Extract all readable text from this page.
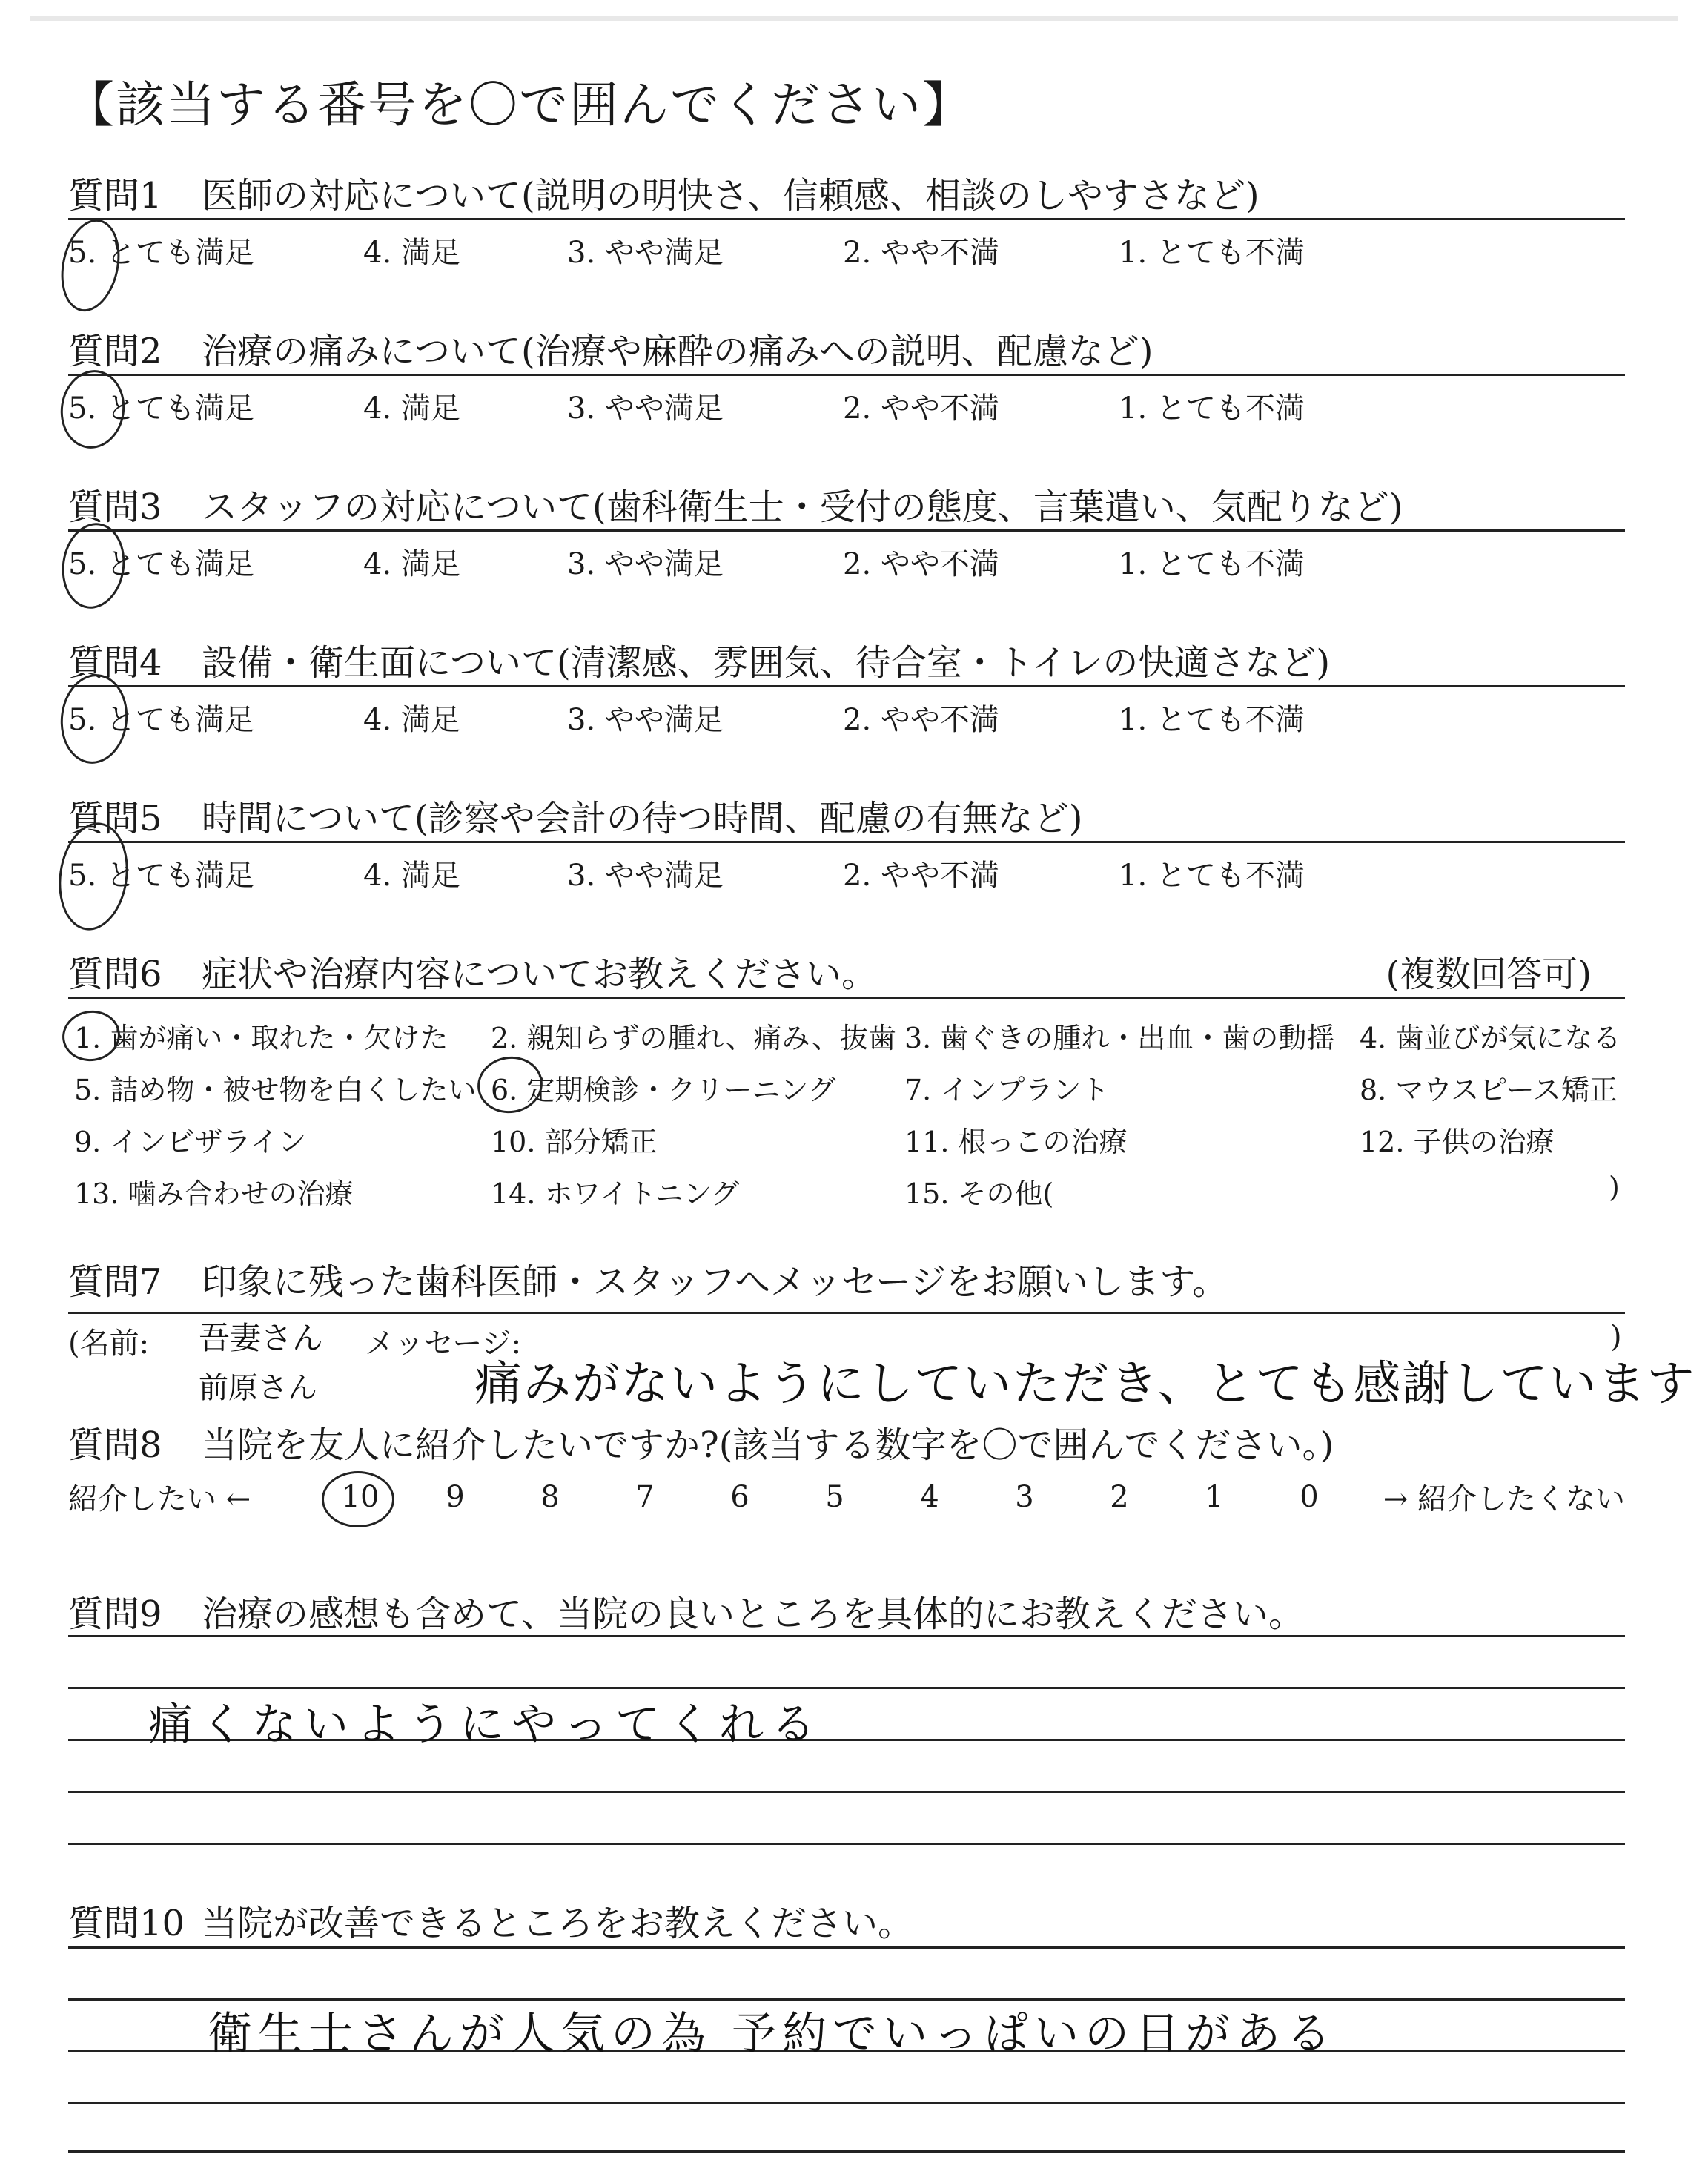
【該当する番号を〇で囲んでください】
質問1 医師の対応について(説明の明快さ、信頼感、相談のしやすさなど)
5. とても満足	4. 満足	3. やや満足	2. やや不満	1. とても不満
質問2 治療の痛みについて(治療や麻酔の痛みへの説明、配慮など)
5. とても満足	4. 満足	3. やや満足	2. やや不満	1. とても不満
質問3 スタッフの対応について(歯科衛生士・受付の態度、言葉遣い、気配りなど)
5. とても満足	4. 満足	3. やや満足	2. やや不満	1. とても不満
質問4 設備・衛生面について(清潔感、雰囲気、待合室・トイレの快適さなど)
5. とても満足	4. 満足	3. やや満足	2. やや不満	1. とても不満
質問5 時間について(診察や会計の待つ時間、配慮の有無など)
5. とても満足	4. 満足	3. やや満足	2. やや不満	1. とても不満
質問6 症状や治療内容についてお教えください。	(複数回答可)
1. 歯が痛い・取れた・欠けた 2. 親知らずの腫れ、痛み、抜歯 3. 歯ぐきの腫れ・出血・歯の動揺 4. 歯並びが気になる
5. 詰め物・被せ物を白くしたい 6. 定期検診・クリーニング 7. インプラント	8. マウスピース矯正
9. インビザライン	10. 部分矯正	11. 根っこの治療	12. 子供の治療
13. 噛み合わせの治療	14. ホワイトニング	15. その他(	)
質問7 印象に残った歯科医師・スタッフへメッセージをお願いします。
(名前:	メッセージ:	)
吾妻さん
前原さん	痛みがないようにしていただき、とても感謝しています
質問8 当院を友人に紹介したいですか?(該当する数字を〇で囲んでください。)
紹介したい ←	10	9	8	7	6	5	4	3	2	1	0	→ 紹介したくない
質問9 治療の感想も含めて、当院の良いところを具体的にお教えください。
痛くないようにやってくれる
質問10 当院が改善できるところをお教えください。
衛生士さんが人気の為 予約でいっぱいの日がある
